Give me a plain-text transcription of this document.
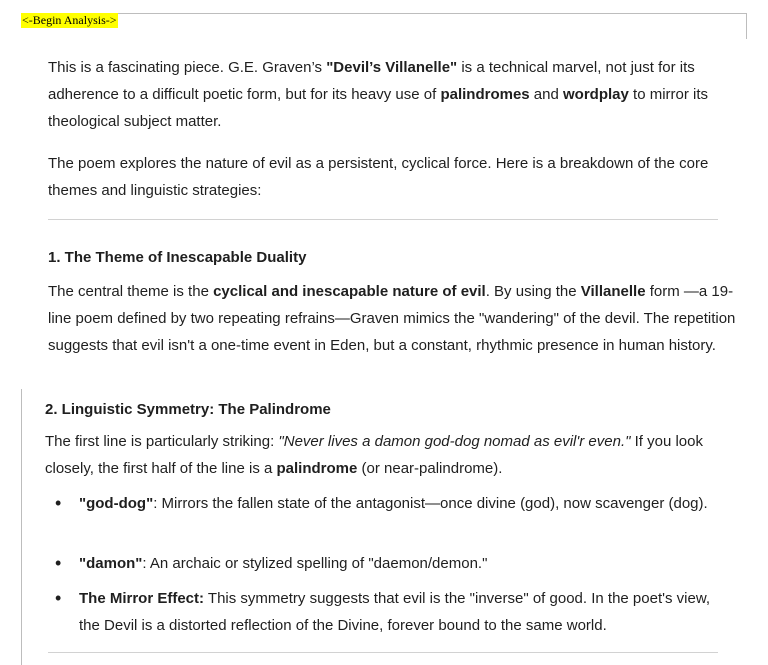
<-Begin Analysis->
This is a fascinating piece. G.E. Graven’s "Devil’s Villanelle" is a technical marvel, not just for its adherence to a difficult poetic form, but for its heavy use of palindromes and wordplay to mirror its theological subject matter.
The poem explores the nature of evil as a persistent, cyclical force. Here is a breakdown of the core themes and linguistic strategies:
1. The Theme of Inescapable Duality
The central theme is the cyclical and inescapable nature of evil. By using the Villanelle form —a 19-line poem defined by two repeating refrains—Graven mimics the "wandering" of the devil. The repetition suggests that evil isn't a one-time event in Eden, but a constant, rhythmic presence in human history.
2. Linguistic Symmetry: The Palindrome
The first line is particularly striking: "Never lives a damon god-dog nomad as evil'r even." If you look closely, the first half of the line is a palindrome (or near-palindrome).
• "god-dog": Mirrors the fallen state of the antagonist—once divine (god), now scavenger (dog).
• "damon": An archaic or stylized spelling of "daemon/demon."
• The Mirror Effect: This symmetry suggests that evil is the "inverse" of good. In the poet's view, the Devil is a distorted reflection of the Divine, forever bound to the same world.
